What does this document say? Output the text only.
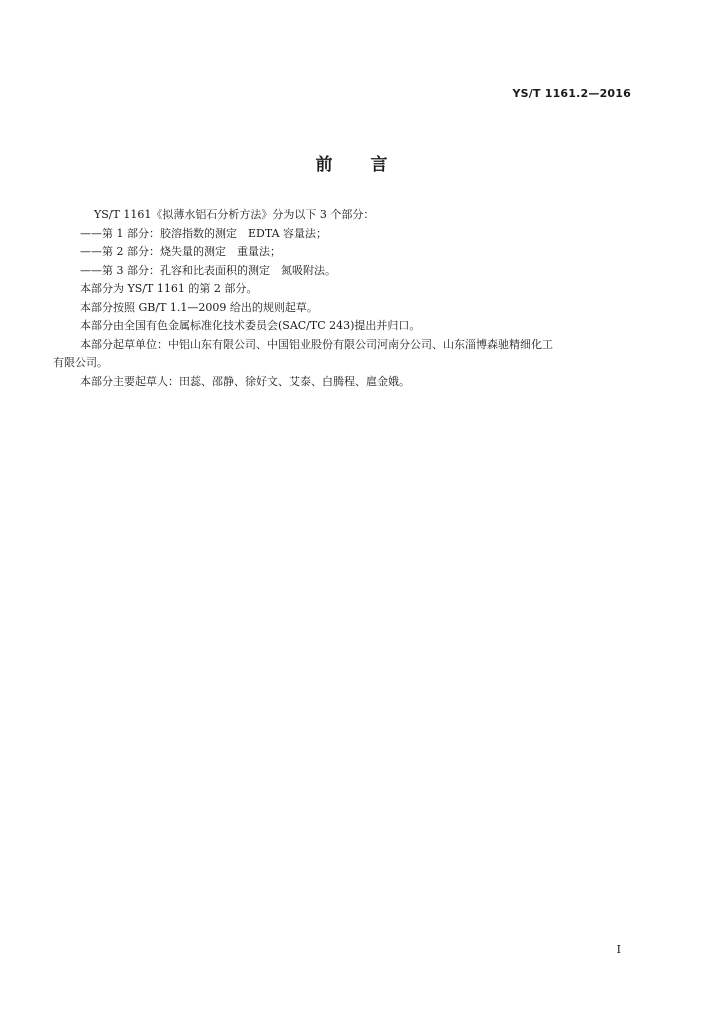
YS/T 1161.2—2016
前言

YS/T 1161《拟薄水铝石分析方法》分为以下 3 个部分：

——第 1 部分：胶溶指数的测定　EDTA 容量法；

——第 2 部分：烧失量的测定　重量法；

——第 3 部分：孔容和比表面积的测定　氮吸附法。

本部分为 YS/T 1161 的第 2 部分。

本部分按照 GB/T 1.1—2009 给出的规则起草。

本部分由全国有色金属标准化技术委员会(SAC/TC 243)提出并归口。

本部分起草单位：中铝山东有限公司、中国铝业股份有限公司河南分公司、山东淄博森驰精细化工

有限公司。

本部分主要起草人：田蕊、邵静、徐好文、艾泰、白腾程、扈金娥。

I
